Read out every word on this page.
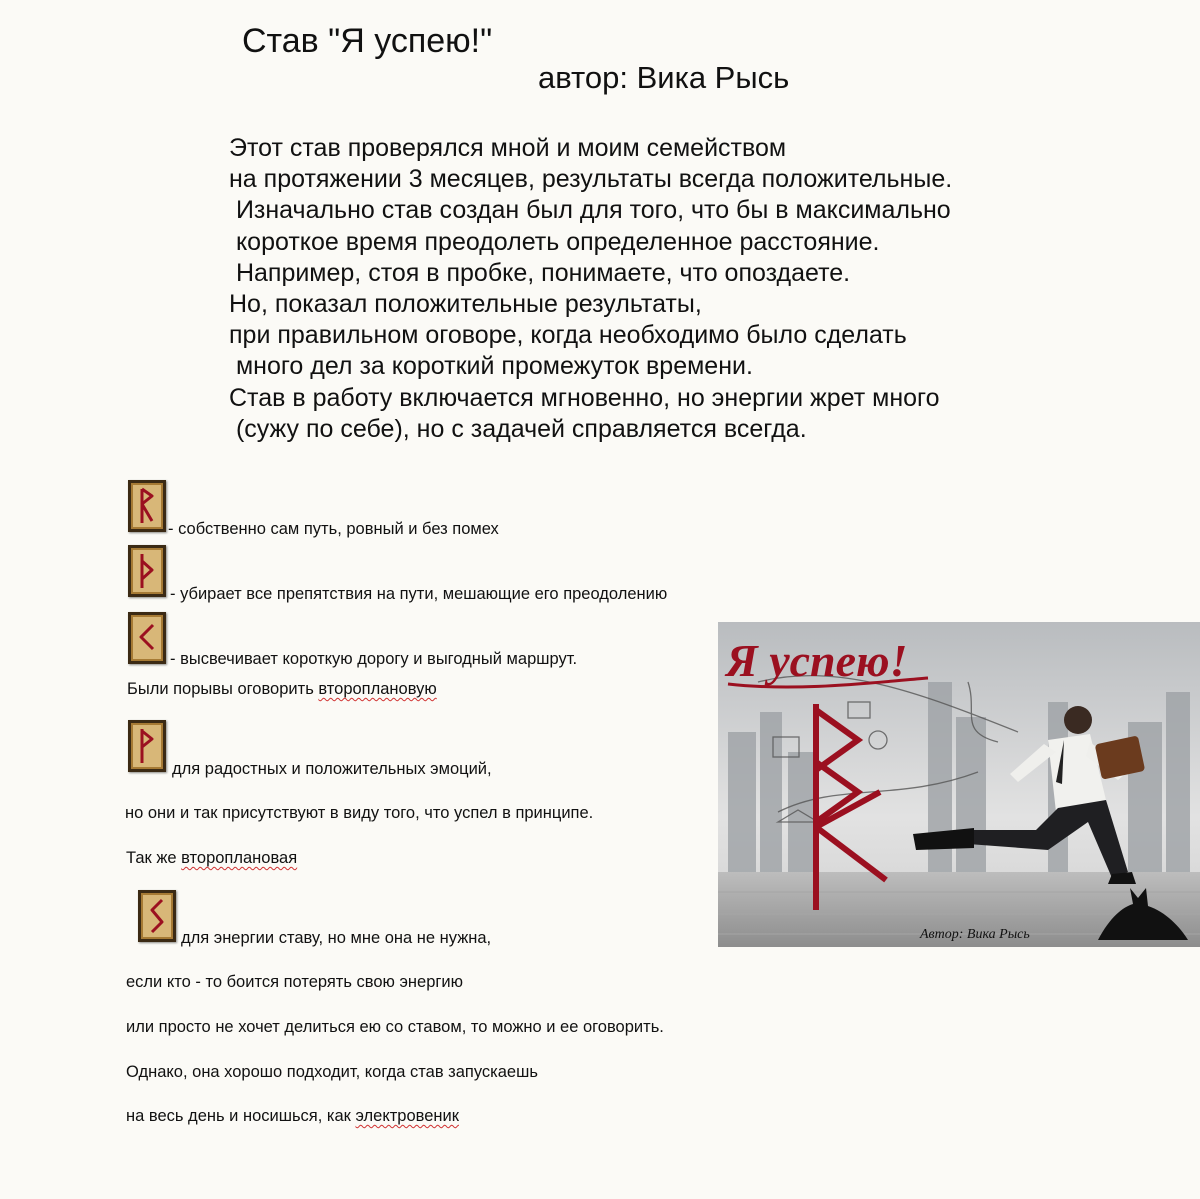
Став "Я успею!"
автор: Вика Рысь
Этот став проверялся мной и моим семейством
на протяжении 3 месяцев, результаты всегда положительные.
Изначально став создан был для того, что бы в максимально
короткое время преодолеть определенное расстояние.
Например, стоя в пробке, понимаете, что опоздаете.
Но, показал положительные результаты,
при правильном оговоре, когда необходимо было сделать
много дел за короткий промежуток времени.
Став в работу включается мгновенно, но энергии жрет много
(сужу по себе), но с задачей справляется всегда.
- собственно сам путь, ровный и без помех
- убирает все препятствия на пути, мешающие его преодолению
- высвечивает короткую дорогу и выгодный маршрут.
Были порывы оговорить второплановую
для радостных и положительных эмоций,
но они и так присутствуют в виду того, что успел в принципе.
Так же второплановая
для энергии ставу, но мне она не нужна,
если кто - то боится потерять свою энергию
или просто не хочет делиться ею со ставом, то можно и ее оговорить.
Однако, она хорошо подходит, когда став запускаешь
на весь день и носишься, как электровеник
Я успею!
Автор: Вика Рысь
